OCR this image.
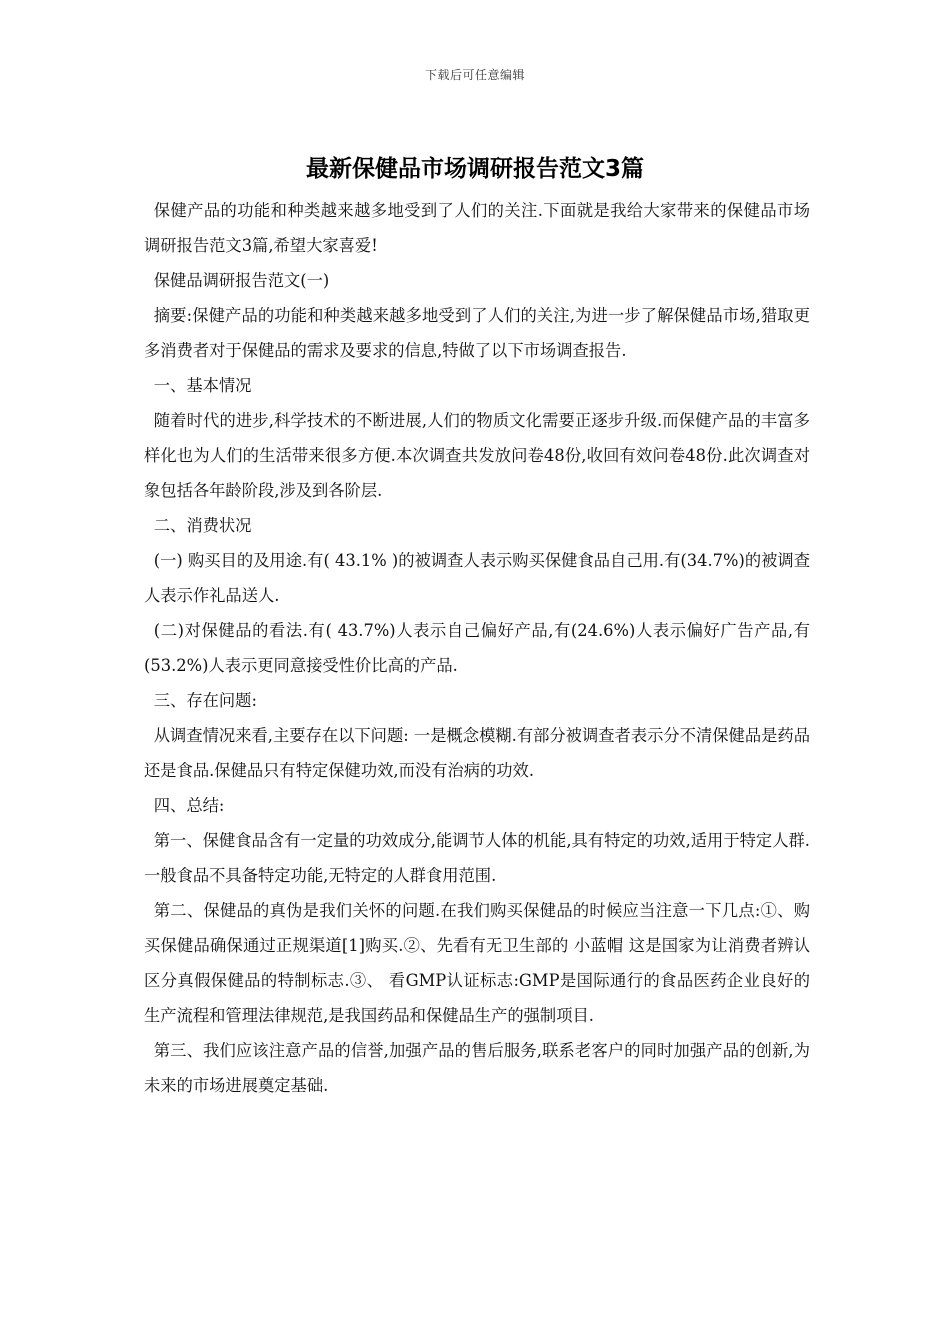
下载后可任意编辑
最新保健品市场调研报告范文3篇

保健产品的功能和种类越来越多地受到了人们的关注.下面就是我给大家带来的保健品市场调研报告范文3篇,希望大家喜爱!

保健品调研报告范文(一)

摘要:保健产品的功能和种类越来越多地受到了人们的关注,为进一步了解保健品市场,猎取更多消费者对于保健品的需求及要求的信息,特做了以下市场调查报告.

一、基本情况

随着时代的进步,科学技术的不断进展,人们的物质文化需要正逐步升级.而保健产品的丰富多样化也为人们的生活带来很多方便.本次调查共发放问卷48份,收回有效问卷48份.此次调查对象包括各年龄阶段,涉及到各阶层.

二、消费状况

(一) 购买目的及用途.有( 43.1% )的被调查人表示购买保健食品自己用.有(34.7%)的被调查人表示作礼品送人.

(二)对保健品的看法.有( 43.7%)人表示自己偏好产品,有(24.6%)人表示偏好广告产品,有(53.2%)人表示更同意接受性价比高的产品.

三、存在问题:

从调查情况来看,主要存在以下问题: 一是概念模糊.有部分被调查者表示分不清保健品是药品还是食品.保健品只有特定保健功效,而没有治病的功效.

四、总结:

第一、保健食品含有一定量的功效成分,能调节人体的机能,具有特定的功效,适用于特定人群.一般食品不具备特定功能,无特定的人群食用范围.

第二、保健品的真伪是我们关怀的问题.在我们购买保健品的时候应当注意一下几点:①、购买保健品确保通过正规渠道[1]购买.②、先看有无卫生部的 小蓝帽 这是国家为让消费者辨认区分真假保健品的特制标志.③、 看GMP认证标志:GMP是国际通行的食品医药企业良好的生产流程和管理法律规范,是我国药品和保健品生产的强制项目.

第三、我们应该注意产品的信誉,加强产品的售后服务,联系老客户的同时加强产品的创新,为未来的市场进展奠定基础.
